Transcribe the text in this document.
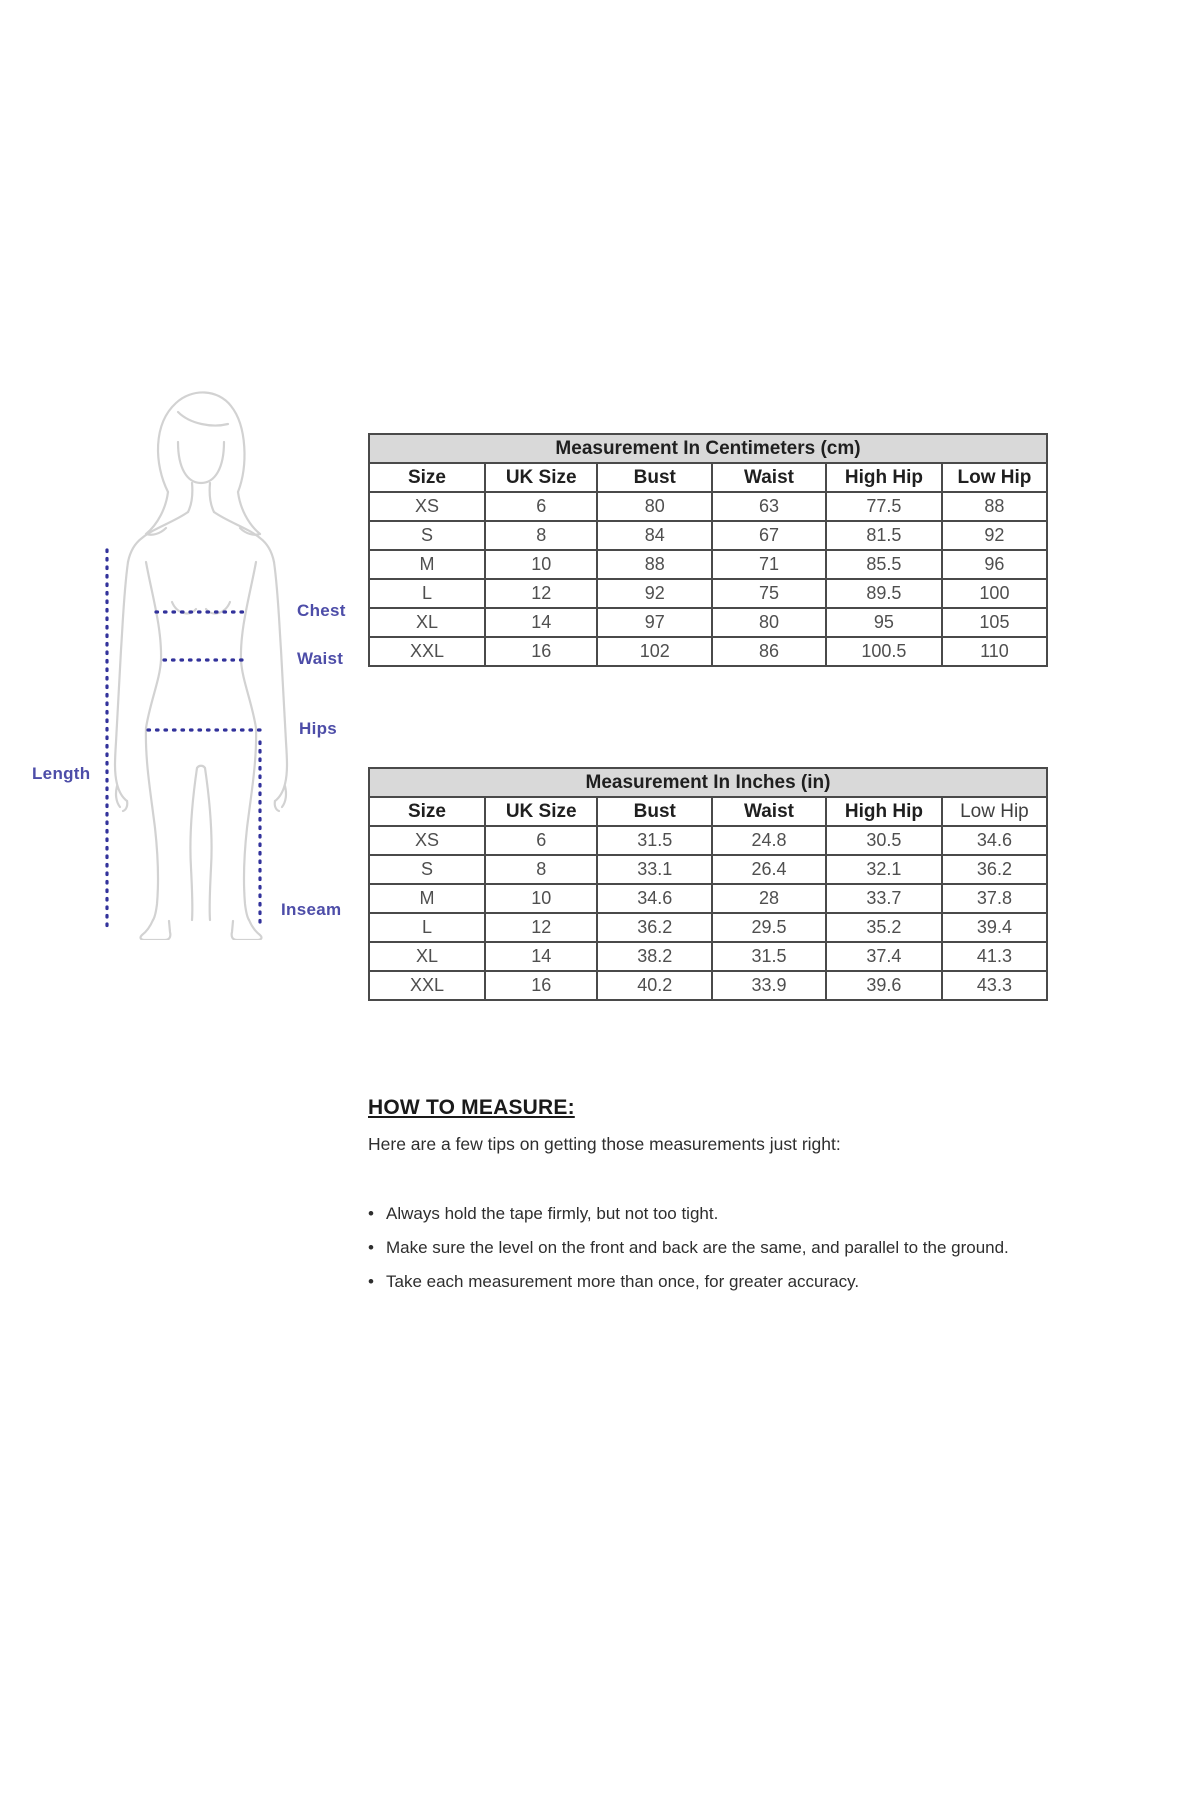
Chest
Waist
Hips
Length
Inseam
Measurement In Centimeters (cm)					
Size	UK Size	Bust	Waist	High Hip	Low Hip
XS	6	80	63	77.5	88
S	8	84	67	81.5	92
M	10	88	71	85.5	96
L	12	92	75	89.5	100
XL	14	97	80	95	105
XXL	16	102	86	100.5	110
Measurement In Inches (in)					
Size	UK Size	Bust	Waist	High Hip	Low Hip
XS	6	31.5	24.8	30.5	34.6
S	8	33.1	26.4	32.1	36.2
M	10	34.6	28	33.7	37.8
L	12	36.2	29.5	35.2	39.4
XL	14	38.2	31.5	37.4	41.3
XXL	16	40.2	33.9	39.6	43.3
HOW TO MEASURE:
Here are a few tips on getting those measurements just right:
• Always hold the tape firmly, but not too tight.
• Make sure the level on the front and back are the same, and parallel to the ground.
• Take each measurement more than once, for greater accuracy.
